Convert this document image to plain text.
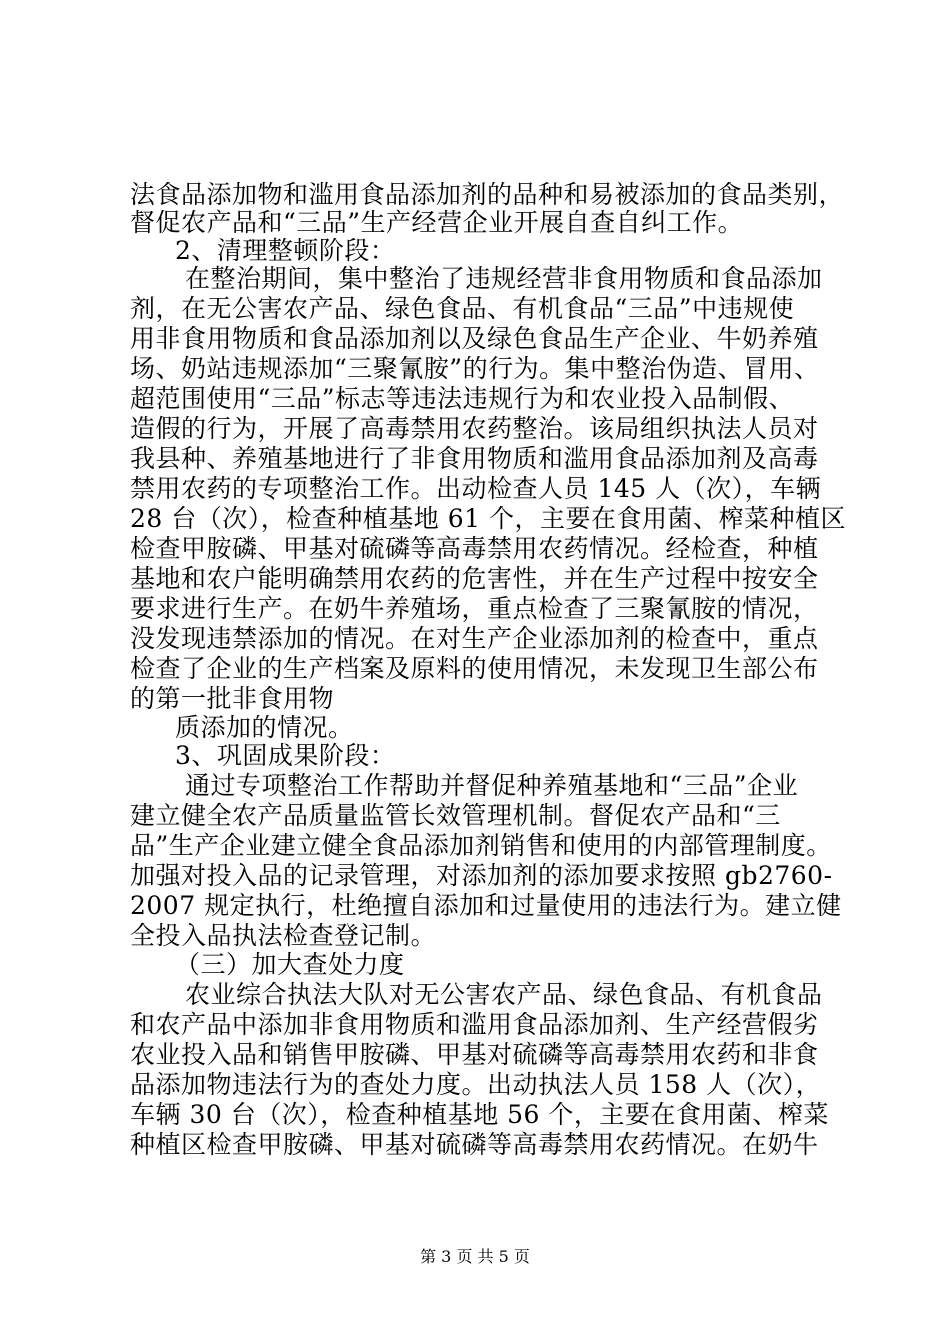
法食品添加物和滥用食品添加剂的品种和易被添加的食品类别，
督促农产品和“三品”生产经营企业开展自查自纠工作。
2、清理整顿阶段：
在整治期间，集中整治了违规经营非食用物质和食品添加
剂，在无公害农产品、绿色食品、有机食品“三品”中违规使
用非食用物质和食品添加剂以及绿色食品生产企业、牛奶养殖
场、奶站违规添加“三聚氰胺”的行为。集中整治伪造、冒用、
超范围使用“三品”标志等违法违规行为和农业投入品制假、
造假的行为，开展了高毒禁用农药整治。该局组织执法人员对
我县种、养殖基地进行了非食用物质和滥用食品添加剂及高毒
禁用农药的专项整治工作。出动检查人员 145 人（次），车辆
28 台（次），检查种植基地 61 个，主要在食用菌、榨菜种植区
检查甲胺磷、甲基对硫磷等高毒禁用农药情况。经检查，种植
基地和农户能明确禁用农药的危害性，并在生产过程中按安全
要求进行生产。在奶牛养殖场，重点检查了三聚氰胺的情况，
没发现违禁添加的情况。在对生产企业添加剂的检查中，重点
检查了企业的生产档案及原料的使用情况，未发现卫生部公布
的第一批非食用物
质添加的情况。
3、巩固成果阶段：
通过专项整治工作帮助并督促种养殖基地和“三品”企业
建立健全农产品质量监管长效管理机制。督促农产品和“三
品”生产企业建立健全食品添加剂销售和使用的内部管理制度。
加强对投入品的记录管理，对添加剂的添加要求按照 gb2760-
2007 规定执行，杜绝擅自添加和过量使用的违法行为。建立健
全投入品执法检查登记制。
（三）加大查处力度
农业综合执法大队对无公害农产品、绿色食品、有机食品
和农产品中添加非食用物质和滥用食品添加剂、生产经营假劣
农业投入品和销售甲胺磷、甲基对硫磷等高毒禁用农药和非食
品添加物违法行为的查处力度。出动执法人员 158 人（次），
车辆 30 台（次），检查种植基地 56 个，主要在食用菌、榨菜
种植区检查甲胺磷、甲基对硫磷等高毒禁用农药情况。在奶牛
第 3 页 共 5 页
